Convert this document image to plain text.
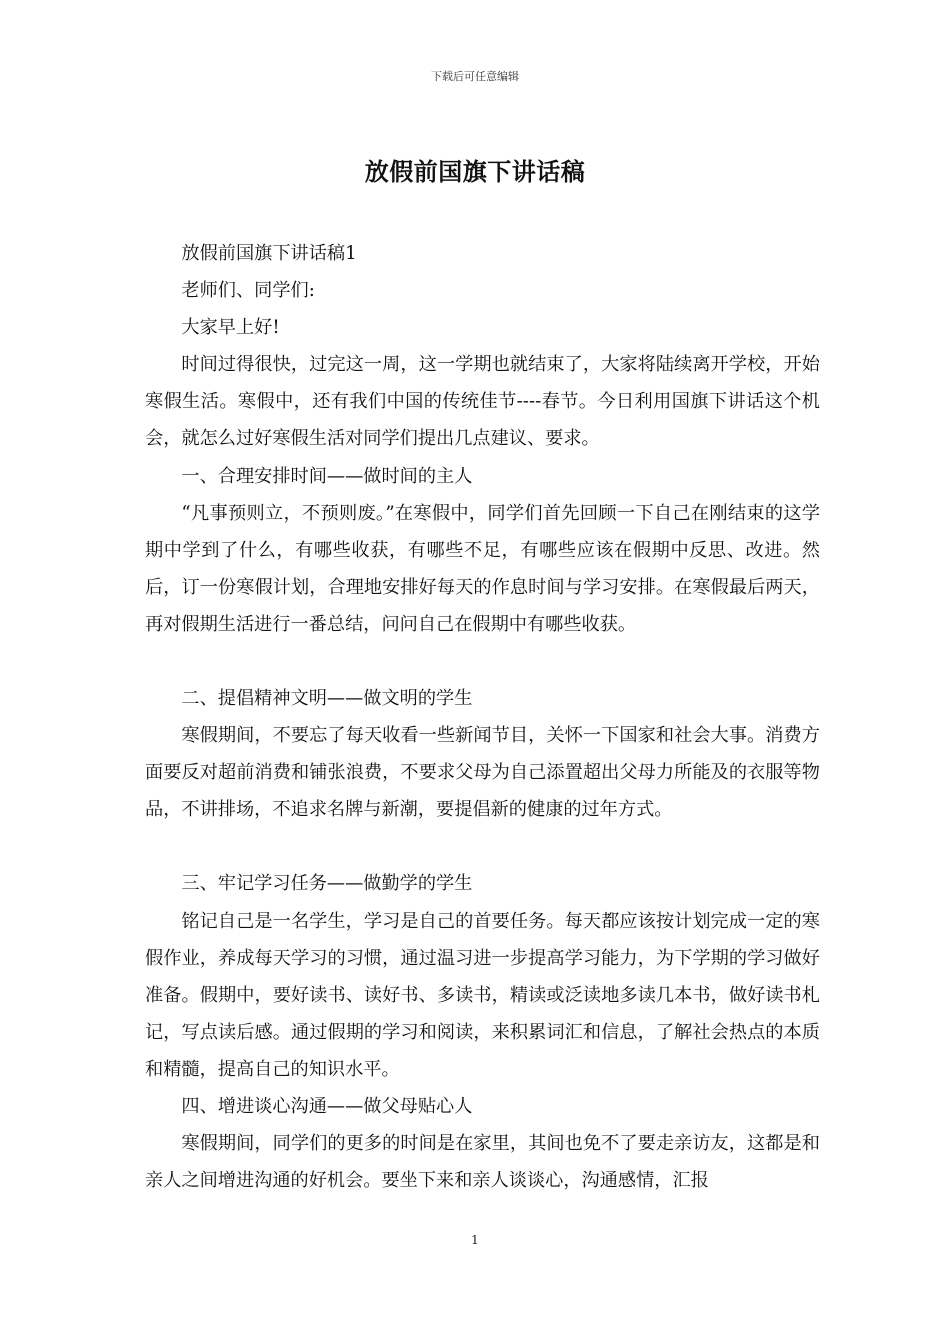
下载后可任意编辑
放假前国旗下讲话稿

放假前国旗下讲话稿1

老师们、同学们:

大家早上好!

时间过得很快，过完这一周，这一学期也就结束了，大家将陆续离开学校，开始寒假生活。寒假中，还有我们中国的传统佳节----春节。今日利用国旗下讲话这个机会，就怎么过好寒假生活对同学们提出几点建议、要求。

一、合理安排时间——做时间的主人

“凡事预则立，不预则废。”在寒假中，同学们首先回顾一下自己在刚结束的这学期中学到了什么，有哪些收获，有哪些不足，有哪些应该在假期中反思、改进。然后，订一份寒假计划，合理地安排好每天的作息时间与学习安排。在寒假最后两天，再对假期生活进行一番总结，问问自己在假期中有哪些收获。

二、提倡精神文明——做文明的学生

寒假期间，不要忘了每天收看一些新闻节目，关怀一下国家和社会大事。消费方面要反对超前消费和铺张浪费，不要求父母为自己添置超出父母力所能及的衣服等物品，不讲排场，不追求名牌与新潮，要提倡新的健康的过年方式。

三、牢记学习任务——做勤学的学生

铭记自己是一名学生，学习是自己的首要任务。每天都应该按计划完成一定的寒假作业，养成每天学习的习惯，通过温习进一步提高学习能力，为下学期的学习做好准备。假期中，要好读书、读好书、多读书，精读或泛读地多读几本书，做好读书札记，写点读后感。通过假期的学习和阅读，来积累词汇和信息，了解社会热点的本质和精髓，提高自己的知识水平。

四、增进谈心沟通——做父母贴心人

寒假期间，同学们的更多的时间是在家里，其间也免不了要走亲访友，这都是和亲人之间增进沟通的好机会。要坐下来和亲人谈谈心，沟通感情，汇报

1
